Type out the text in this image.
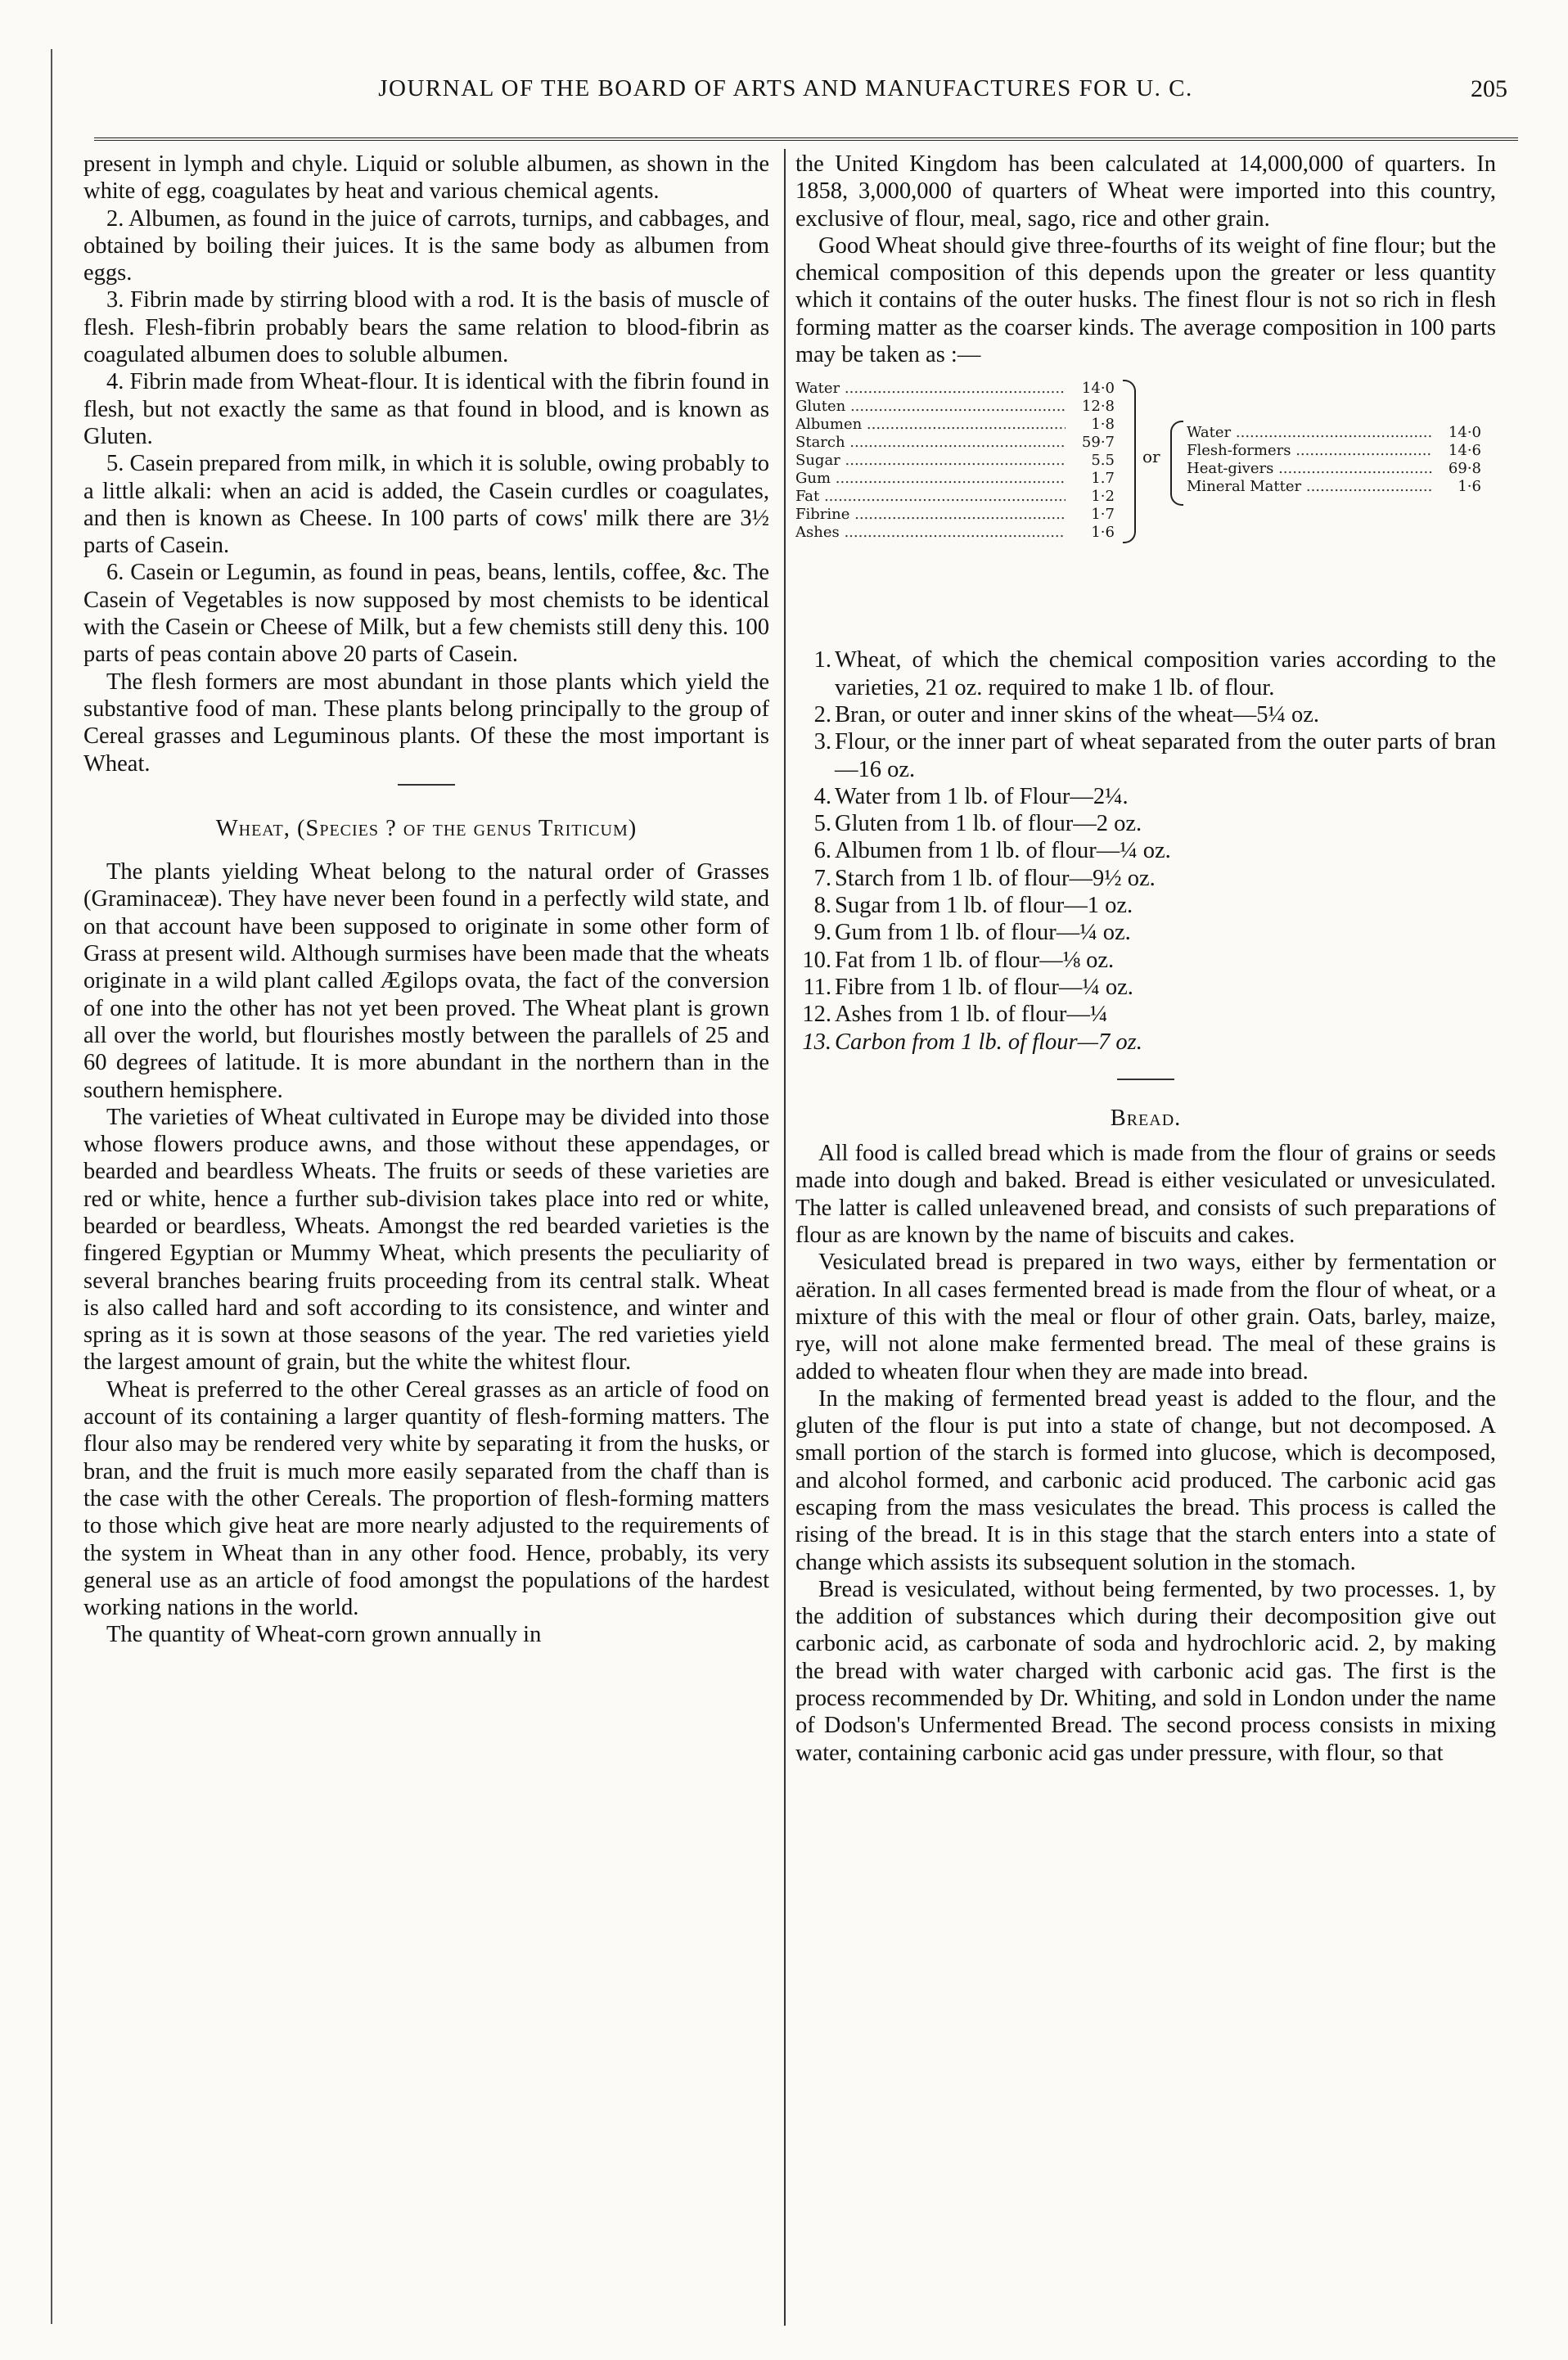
JOURNAL OF THE BOARD OF ARTS AND MANUFACTURES FOR U. C.	205

present in lymph and chyle. Liquid or soluble albumen, as shown in the white of egg, coagulates by heat and various chemical agents.

2. Albumen, as found in the juice of carrots, turnips, and cabbages, and obtained by boiling their juices. It is the same body as albumen from eggs.

3. Fibrin made by stirring blood with a rod. It is the basis of muscle of flesh. Flesh-fibrin probably bears the same relation to blood-fibrin as coagulated albumen does to soluble albumen.

4. Fibrin made from Wheat-flour. It is identical with the fibrin found in flesh, but not exactly the same as that found in blood, and is known as Gluten.

5. Casein prepared from milk, in which it is soluble, owing probably to a little alkali: when an acid is added, the Casein curdles or coagulates, and then is known as Cheese. In 100 parts of cows' milk there are 3½ parts of Casein.

6. Casein or Legumin, as found in peas, beans, lentils, coffee, &c. The Casein of Vegetables is now supposed by most chemists to be identical with the Casein or Cheese of Milk, but a few chemists still deny this. 100 parts of peas contain above 20 parts of Casein.

The flesh formers are most abundant in those plants which yield the substantive food of man. These plants belong principally to the group of Cereal grasses and Leguminous plants. Of these the most important is Wheat.

Wheat, (Species ? of the genus Triticum)

The plants yielding Wheat belong to the natural order of Grasses (Graminaceæ). They have never been found in a perfectly wild state, and on that account have been supposed to originate in some other form of Grass at present wild. Although surmises have been made that the wheats originate in a wild plant called Ægilops ovata, the fact of the conversion of one into the other has not yet been proved. The Wheat plant is grown all over the world, but flourishes mostly between the parallels of 25 and 60 degrees of latitude. It is more abundant in the northern than in the southern hemisphere.

The varieties of Wheat cultivated in Europe may be divided into those whose flowers produce awns, and those without these appendages, or bearded and beardless Wheats. The fruits or seeds of these varieties are red or white, hence a further sub-division takes place into red or white, bearded or beardless, Wheats. Amongst the red bearded varieties is the fingered Egyptian or Mummy Wheat, which presents the peculiarity of several branches bearing fruits proceeding from its central stalk. Wheat is also called hard and soft according to its consistence, and winter and spring as it is sown at those seasons of the year. The red varieties yield the largest amount of grain, but the white the whitest flour.

Wheat is preferred to the other Cereal grasses as an article of food on account of its containing a larger quantity of flesh-forming matters. The flour also may be rendered very white by separating it from the husks, or bran, and the fruit is much more easily separated from the chaff than is the case with the other Cereals. The proportion of flesh-forming matters to those which give heat are more nearly adjusted to the requirements of the system in Wheat than in any other food. Hence, probably, its very general use as an article of food amongst the populations of the hardest working nations in the world.

The quantity of Wheat-corn grown annually in

the United Kingdom has been calculated at 14,000,000 of quarters. In 1858, 3,000,000 of quarters of Wheat were imported into this country, exclusive of flour, meal, sago, rice and other grain.

Good Wheat should give three-fourths of its weight of fine flour; but the chemical composition of this depends upon the greater or less quantity which it contains of the outer husks. The finest flour is not so rich in flesh forming matter as the coarser kinds. The average composition in 100 parts may be taken as :—

Water .....	14·0
Gluten .....	12·8
Albumen .....	1·8
Starch .....	59·7
Sugar .....	5.5
Gum .....	1.7
Fat .....	1·2
Fibrine .....	1·7
Ashes .....	1·6
or
Water .....	14·0
Flesh-formers .....	14·6
Heat-givers .....	69·8
Mineral Matter .....	1·6

1. Wheat, of which the chemical composition varies according to the varieties, 21 oz. required to make 1 lb. of flour.

2. Bran, or outer and inner skins of the wheat—5¼ oz.

3. Flour, or the inner part of wheat separated from the outer parts of bran—16 oz.

4. Water from 1 lb. of Flour—2¼.

5. Gluten from 1 lb. of flour—2 oz.

6. Albumen from 1 lb. of flour—¼ oz.

7. Starch from 1 lb. of flour—9½ oz.

8. Sugar from 1 lb. of flour—1 oz.

9. Gum from 1 lb. of flour—¼ oz.

10. Fat from 1 lb. of flour—⅛ oz.

11. Fibre from 1 lb. of flour—¼ oz.

12. Ashes from 1 lb. of flour—¼

13. Carbon from 1 lb. of flour—7 oz.

Bread.

All food is called bread which is made from the flour of grains or seeds made into dough and baked. Bread is either vesiculated or unvesiculated. The latter is called unleavened bread, and consists of such preparations of flour as are known by the name of biscuits and cakes.

Vesiculated bread is prepared in two ways, either by fermentation or aëration. In all cases fermented bread is made from the flour of wheat, or a mixture of this with the meal or flour of other grain. Oats, barley, maize, rye, will not alone make fermented bread. The meal of these grains is added to wheaten flour when they are made into bread.

In the making of fermented bread yeast is added to the flour, and the gluten of the flour is put into a state of change, but not decomposed. A small portion of the starch is formed into glucose, which is decomposed, and alcohol formed, and carbonic acid produced. The carbonic acid gas escaping from the mass vesiculates the bread. This process is called the rising of the bread. It is in this stage that the starch enters into a state of change which assists its subsequent solution in the stomach.

Bread is vesiculated, without being fermented, by two processes. 1, by the addition of substances which during their decomposition give out carbonic acid, as carbonate of soda and hydrochloric acid. 2, by making the bread with water charged with carbonic acid gas. The first is the process recommended by Dr. Whiting, and sold in London under the name of Dodson's Unfermented Bread. The second process consists in mixing water, containing carbonic acid gas under pressure, with flour, so that
